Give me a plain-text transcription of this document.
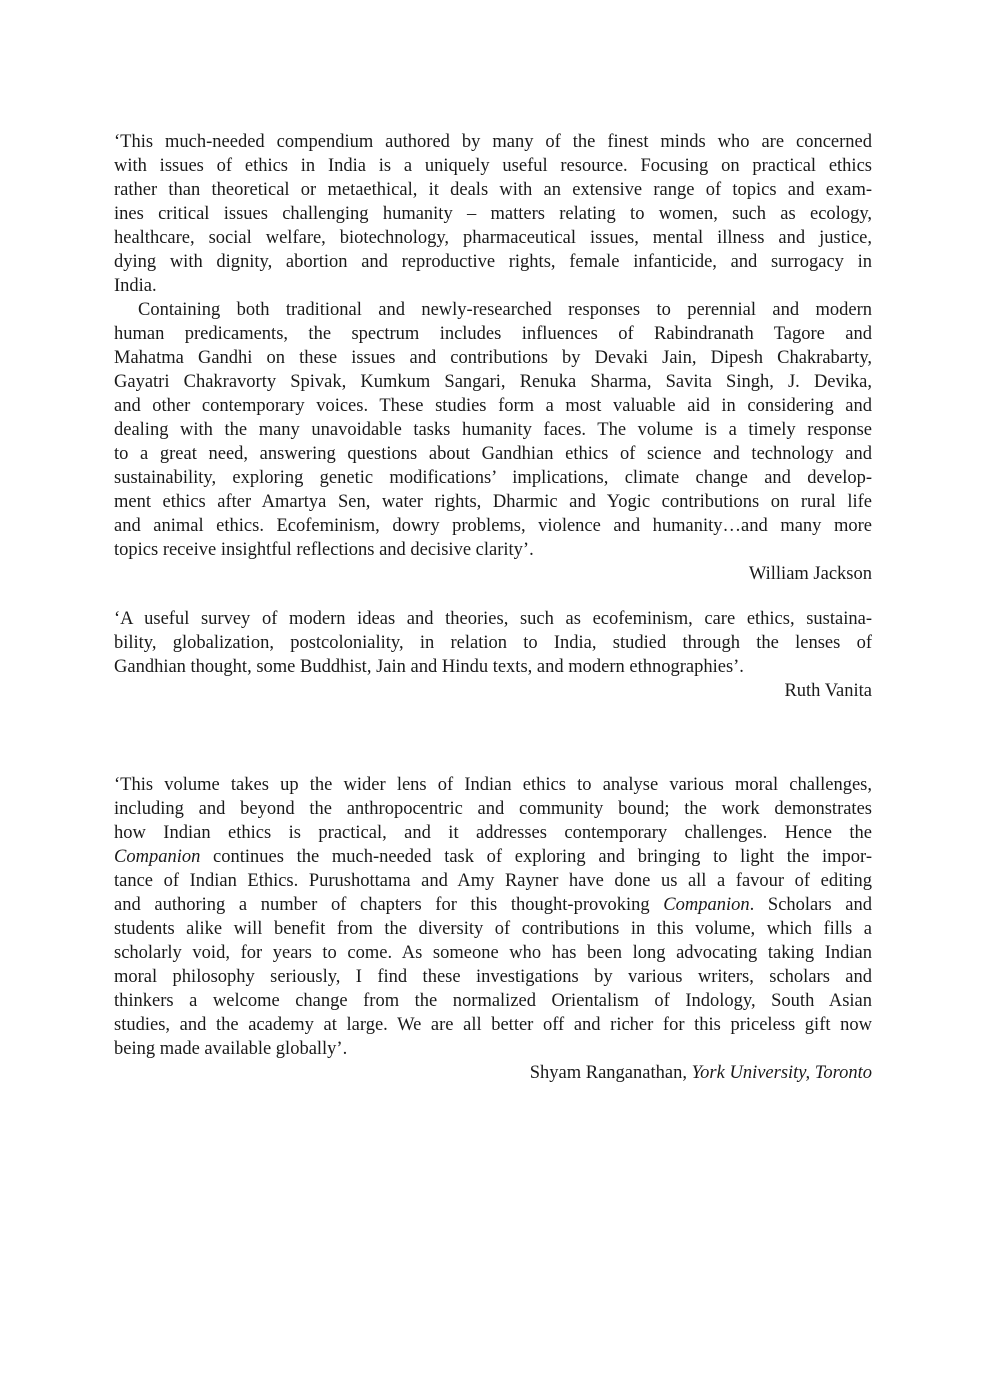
‘This much-needed compendium authored by many of the finest minds who are concerned
with issues of ethics in India is a uniquely useful resource. Focusing on practical ethics
rather than theoretical or metaethical, it deals with an extensive range of topics and exam-
ines critical issues challenging humanity – matters relating to women, such as ecology,
healthcare, social welfare, biotechnology, pharmaceutical issues, mental illness and justice,
dying with dignity, abortion and reproductive rights, female infanticide, and surrogacy in
India.
Containing both traditional and newly-researched responses to perennial and modern
human predicaments, the spectrum includes influences of Rabindranath Tagore and
Mahatma Gandhi on these issues and contributions by Devaki Jain, Dipesh Chakrabarty,
Gayatri Chakravorty Spivak, Kumkum Sangari, Renuka Sharma, Savita Singh, J. Devika,
and other contemporary voices. These studies form a most valuable aid in considering and
dealing with the many unavoidable tasks humanity faces. The volume is a timely response
to a great need, answering questions about Gandhian ethics of science and technology and
sustainability, exploring genetic modifications’ implications, climate change and develop-
ment ethics after Amartya Sen, water rights, Dharmic and Yogic contributions on rural life
and animal ethics. Ecofeminism, dowry problems, violence and humanity…and many more
topics receive insightful reflections and decisive clarity’.
William Jackson
‘A useful survey of modern ideas and theories, such as ecofeminism, care ethics, sustaina-
bility, globalization, postcoloniality, in relation to India, studied through the lenses of
Gandhian thought, some Buddhist, Jain and Hindu texts, and modern ethnographies’.
Ruth Vanita
‘This volume takes up the wider lens of Indian ethics to analyse various moral challenges,
including and beyond the anthropocentric and community bound; the work demonstrates
how Indian ethics is practical, and it addresses contemporary challenges. Hence the
Companion continues the much-needed task of exploring and bringing to light the impor-
tance of Indian Ethics. Purushottama and Amy Rayner have done us all a favour of editing
and authoring a number of chapters for this thought-provoking Companion. Scholars and
students alike will benefit from the diversity of contributions in this volume, which fills a
scholarly void, for years to come. As someone who has been long advocating taking Indian
moral philosophy seriously, I find these investigations by various writers, scholars and
thinkers a welcome change from the normalized Orientalism of Indology, South Asian
studies, and the academy at large. We are all better off and richer for this priceless gift now
being made available globally’.
Shyam Ranganathan, York University, Toronto
